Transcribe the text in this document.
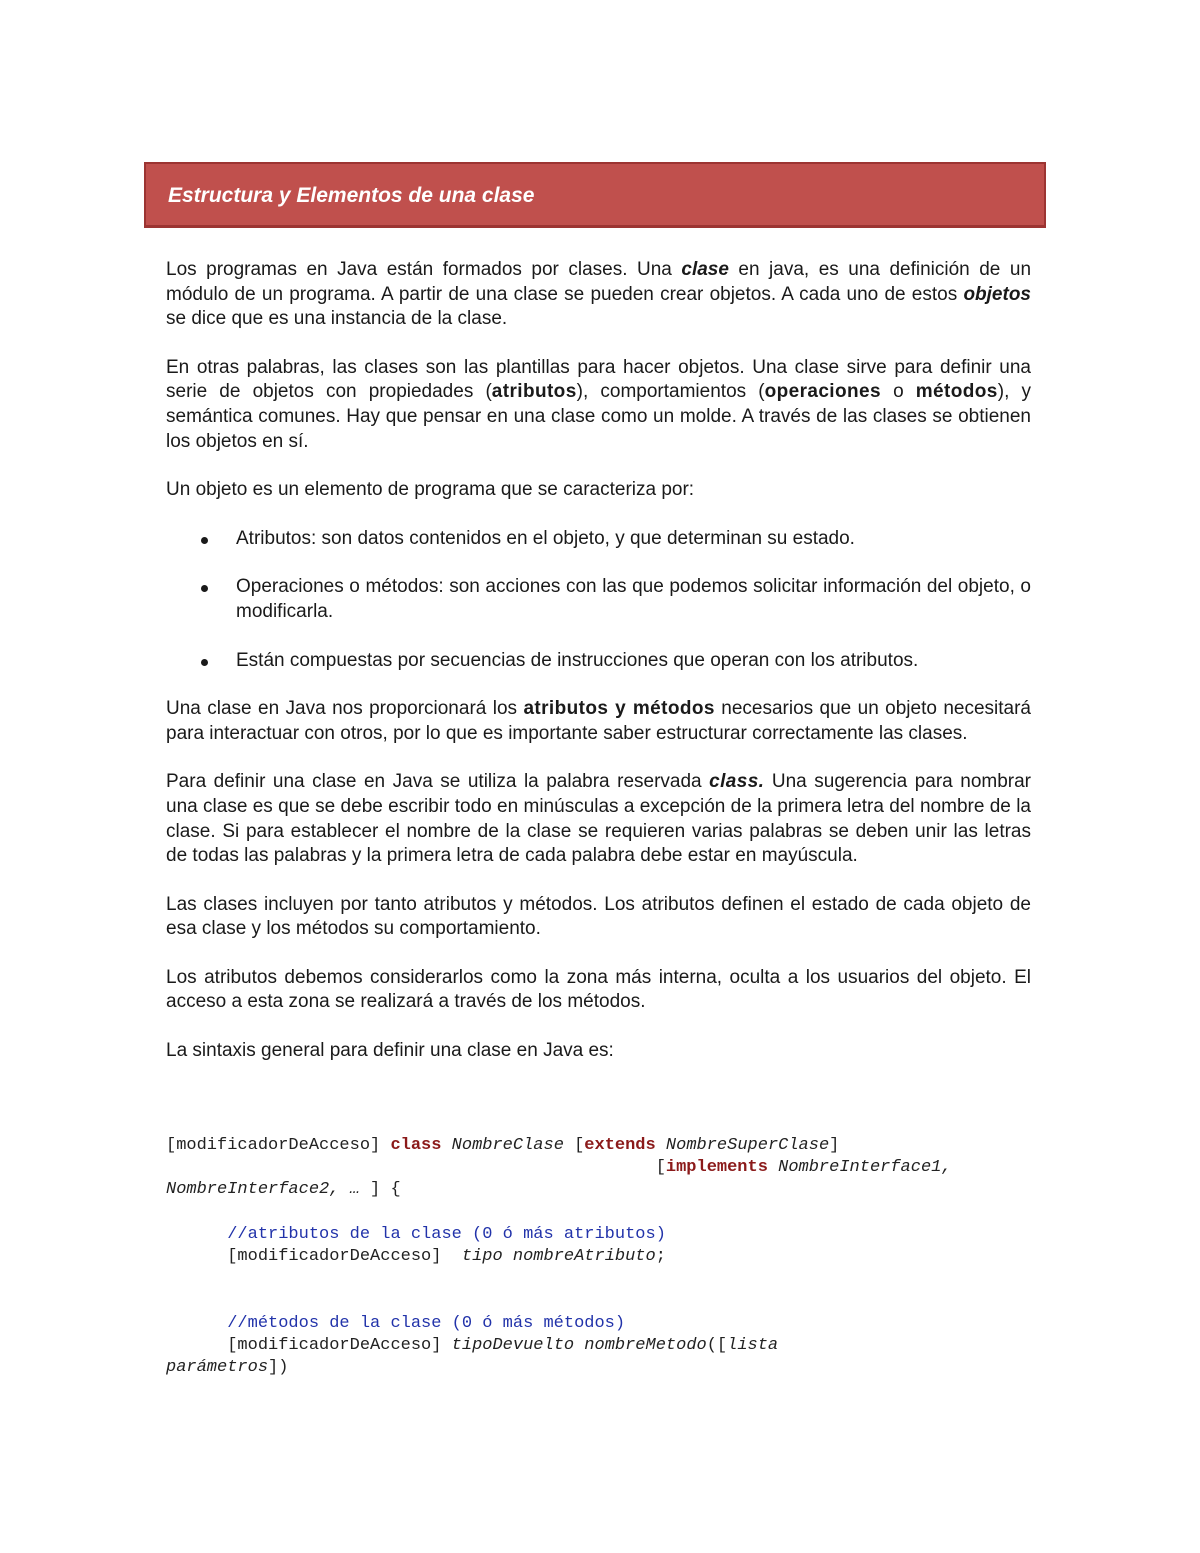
Estructura y Elementos de una clase

Los programas en Java están formados por clases. Una clase en java, es una definición de un módulo de un programa. A partir de una clase se pueden crear objetos. A cada uno de estos objetos se dice que es una instancia de la clase.

En otras palabras, las clases son las plantillas para hacer objetos. Una clase sirve para definir una serie de objetos con propiedades (atributos), comportamientos (operaciones o métodos), y semántica comunes. Hay que pensar en una clase como un molde. A través de las clases se obtienen los objetos en sí.

Un objeto es un elemento de programa que se caracteriza por:

Atributos: son datos contenidos en el objeto, y que determinan su estado.
Operaciones o métodos: son acciones con las que podemos solicitar información del objeto, o modificarla.
Están compuestas por secuencias de instrucciones que operan con los atributos.

Una clase en Java nos proporcionará los atributos y métodos necesarios que un objeto necesitará para interactuar con otros, por lo que es importante saber estructurar correctamente las clases.

Para definir una clase en Java se utiliza la palabra reservada class. Una sugerencia para nombrar una clase es que se debe escribir todo en minúsculas a excepción de la primera letra del nombre de la clase. Si para establecer el nombre de la clase se requieren varias palabras se deben unir las letras de todas las palabras y la primera letra de cada palabra debe estar en mayúscula.

Las clases incluyen por tanto atributos y métodos. Los atributos definen el estado de cada objeto de esa clase y los métodos su comportamiento.

Los atributos debemos considerarlos como la zona más interna, oculta a los usuarios del objeto. El acceso a esta zona se realizará a través de los métodos.

La sintaxis general para definir una clase en Java es:

[modificadorDeAcceso] class NombreClase [extends NombreSuperClase]
[implements NombreInterface1,
NombreInterface2, … ] {

//atributos de la clase (0 ó más atributos)
[modificadorDeAcceso] tipo nombreAtributo;

//métodos de la clase (0 ó más métodos)
[modificadorDeAcceso] tipoDevuelto nombreMetodo([lista
parámetros])
